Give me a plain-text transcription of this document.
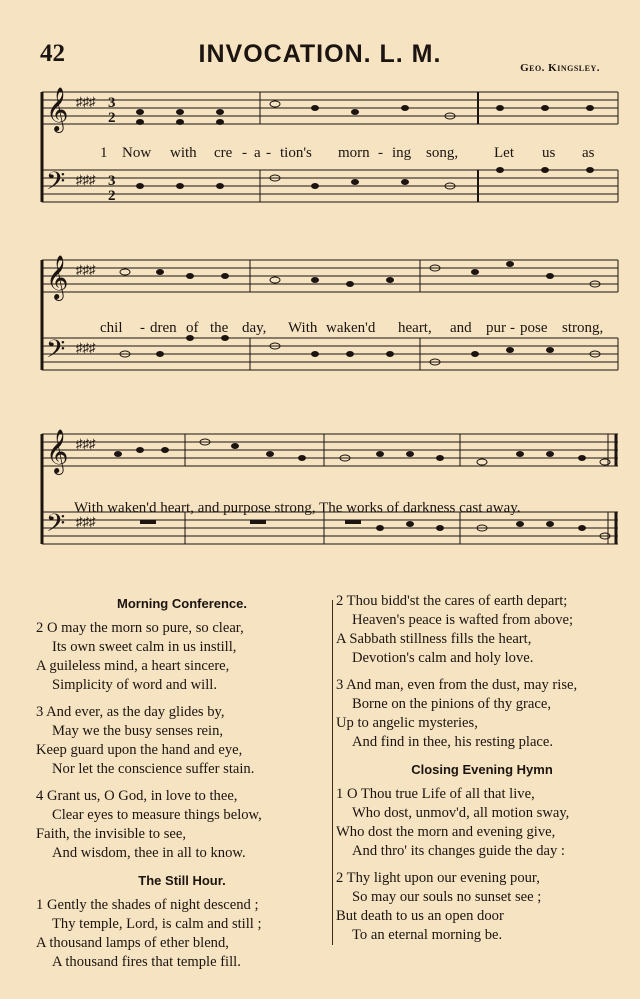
42	INVOCATION. L. M.	Geo. Kingsley.
𝄞
𝄢
♯♯♯
♯♯♯
3
2
3
2
1 Now with cre - a - tion's morn - ing song, Let us as
𝄞
𝄢
♯♯♯
♯♯♯
chil - dren of the day, With waken'd heart, and pur - pose strong,
𝄞
𝄢
♯♯♯
♯♯♯
With waken'd heart, and purpose strong, The works of darkness cast away.
Morning Conference.
2 O may the morn so pure, so clear,
Its own sweet calm in us instill,
A guileless mind, a heart sincere,
Simplicity of word and will.
3 And ever, as the day glides by,
May we the busy senses rein,
Keep guard upon the hand and eye,
Nor let the conscience suffer stain.
4 Grant us, O God, in love to thee,
Clear eyes to measure things below,
Faith, the invisible to see,
And wisdom, thee in all to know.
The Still Hour.
1 Gently the shades of night descend ;
Thy temple, Lord, is calm and still ;
A thousand lamps of ether blend,
A thousand fires that temple fill.
2 Thou bidd'st the cares of earth depart;
Heaven's peace is wafted from above;
A Sabbath stillness fills the heart,
Devotion's calm and holy love.
3 And man, even from the dust, may rise,
Borne on the pinions of thy grace,
Up to angelic mysteries,
And find in thee, his resting place.
Closing Evening Hymn
1 O Thou true Life of all that live,
Who dost, unmov'd, all motion sway,
Who dost the morn and evening give,
And thro' its changes guide the day :
2 Thy light upon our evening pour,
So may our souls no sunset see ;
But death to us an open door
To an eternal morning be.
